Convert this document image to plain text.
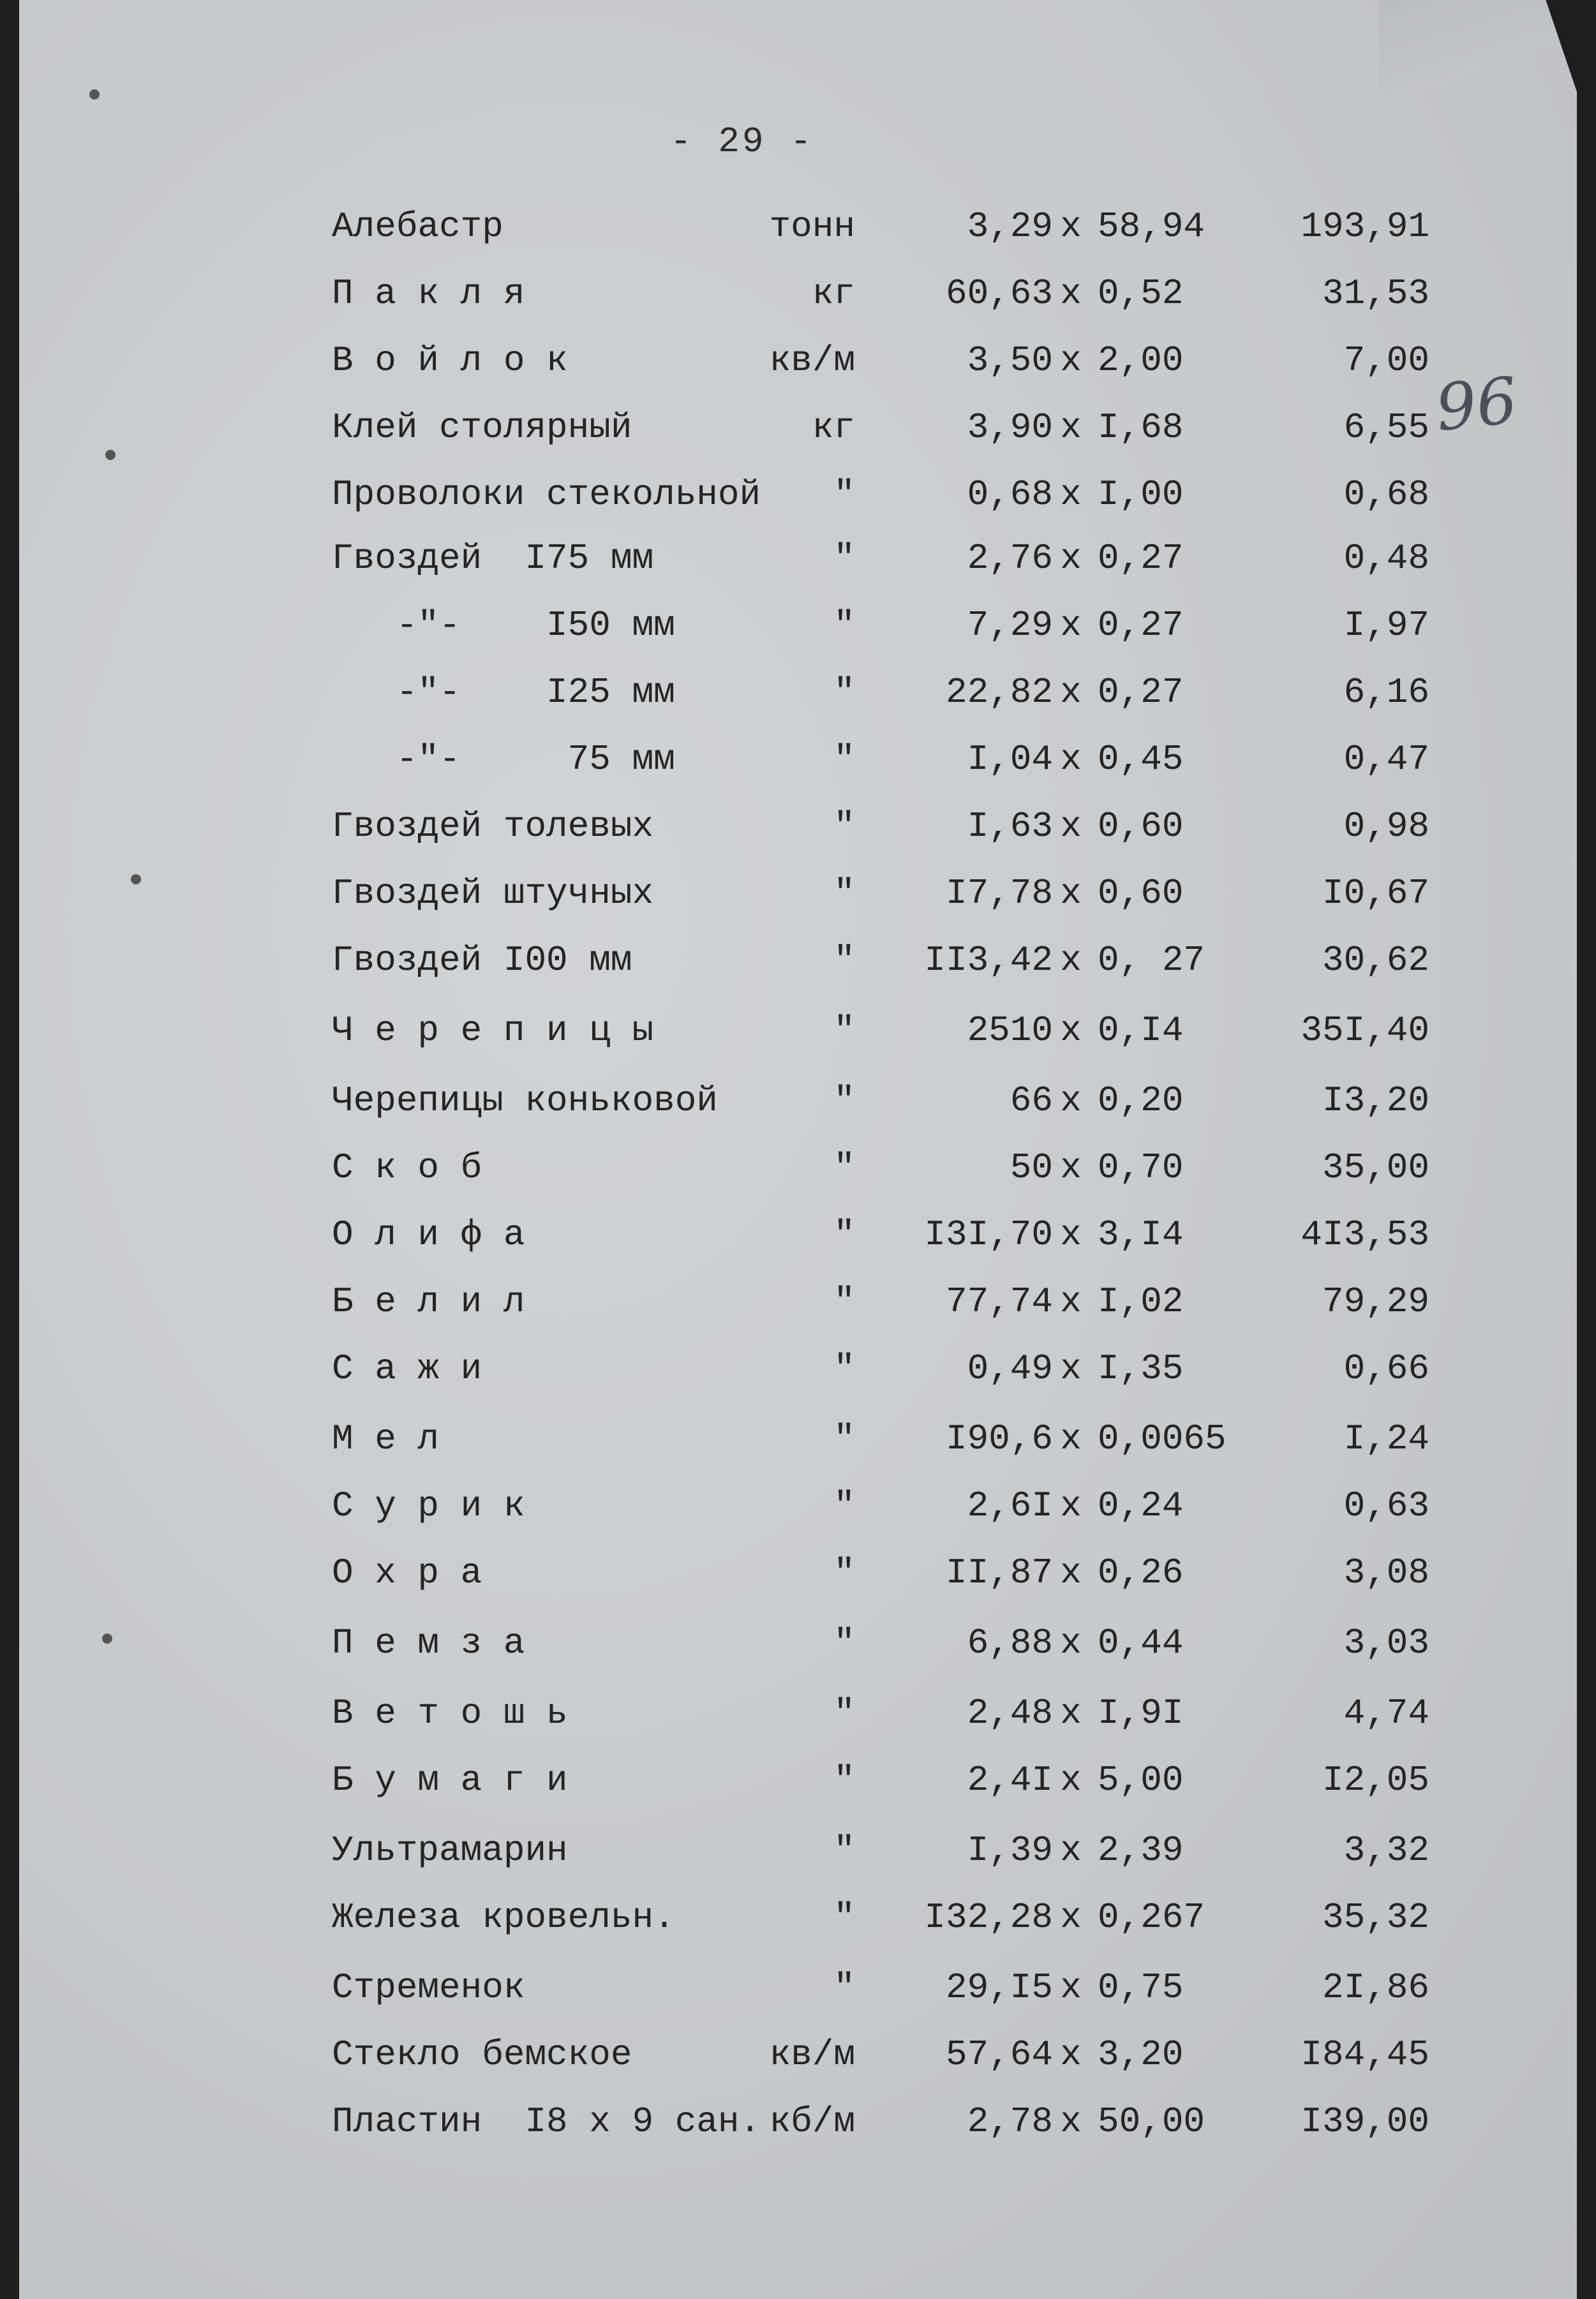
- 29 -
96
Алебастр	тонн	3,29 x 58,94	193,91
П а к л я	кг	60,63 x 0,52	31,53
В о й л о к	кв/м	3,50 x 2,00	7,00
Клей столярный	кг	3,90 x I,68	6,55
Проволоки стекольной	"	0,68 x I,00	0,68
Гвоздей  I75 мм	"	2,76 x 0,27	0,48
-"-    I50 мм	"	7,29 x 0,27	I,97
-"-    I25 мм	"	22,82 x 0,27	6,16
-"-     75 мм	"	I,04 x 0,45	0,47
Гвоздей толевых	"	I,63 x 0,60	0,98
Гвоздей штучных	"	I7,78 x 0,60	I0,67
Гвоздей I00 мм	"	II3,42 x 0, 27	30,62
Ч е р е п и ц ы	"	2510 x 0,I4	35I,40
Черепицы коньковой	"	66 x 0,20	I3,20
С к о б	"	50 x 0,70	35,00
О л и ф а	"	I3I,70 x 3,I4	4I3,53
Б е л и л	"	77,74 x I,02	79,29
С а ж и	"	0,49 x I,35	0,66
М е л	"	I90,6 x 0,0065	I,24
С у р и к	"	2,6I x 0,24	0,63
О х р а	"	II,87 x 0,26	3,08
П е м з а	"	6,88 x 0,44	3,03
В е т о ш ь	"	2,48 x I,9I	4,74
Б у м а г и	"	2,4I x 5,00	I2,05
Ультрамарин	"	I,39 x 2,39	3,32
Железа кровельн.	"	I32,28 x 0,267	35,32
Стременок	"	29,I5 x 0,75	2I,86
Стекло бемское	кв/м	57,64 x 3,20	I84,45
Пластин  I8 х 9 сан. кб/м	2,78 x 50,00	I39,00
